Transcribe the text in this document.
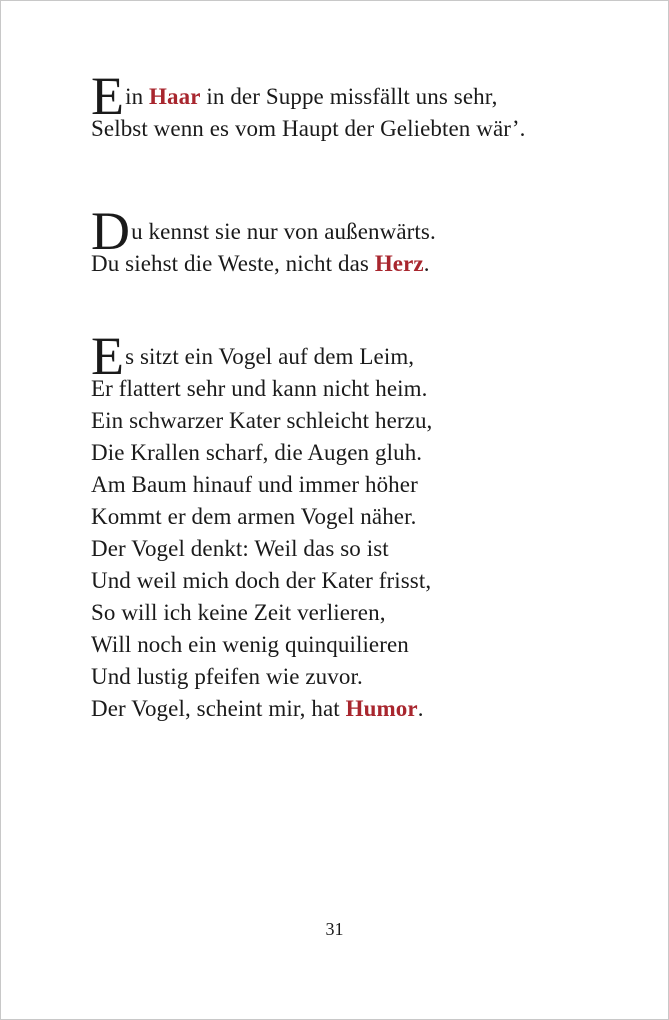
Ein Haar in der Suppe missfällt uns sehr,
Selbst wenn es vom Haupt der Geliebten wär’.
Du kennst sie nur von außenwärts.
Du siehst die Weste, nicht das Herz.
Es sitzt ein Vogel auf dem Leim,
Er flattert sehr und kann nicht heim.
Ein schwarzer Kater schleicht herzu,
Die Krallen scharf, die Augen gluh.
Am Baum hinauf und immer höher
Kommt er dem armen Vogel näher.
Der Vogel denkt: Weil das so ist
Und weil mich doch der Kater frisst,
So will ich keine Zeit verlieren,
Will noch ein wenig quinquilieren
Und lustig pfeifen wie zuvor.
Der Vogel, scheint mir, hat Humor.
31
